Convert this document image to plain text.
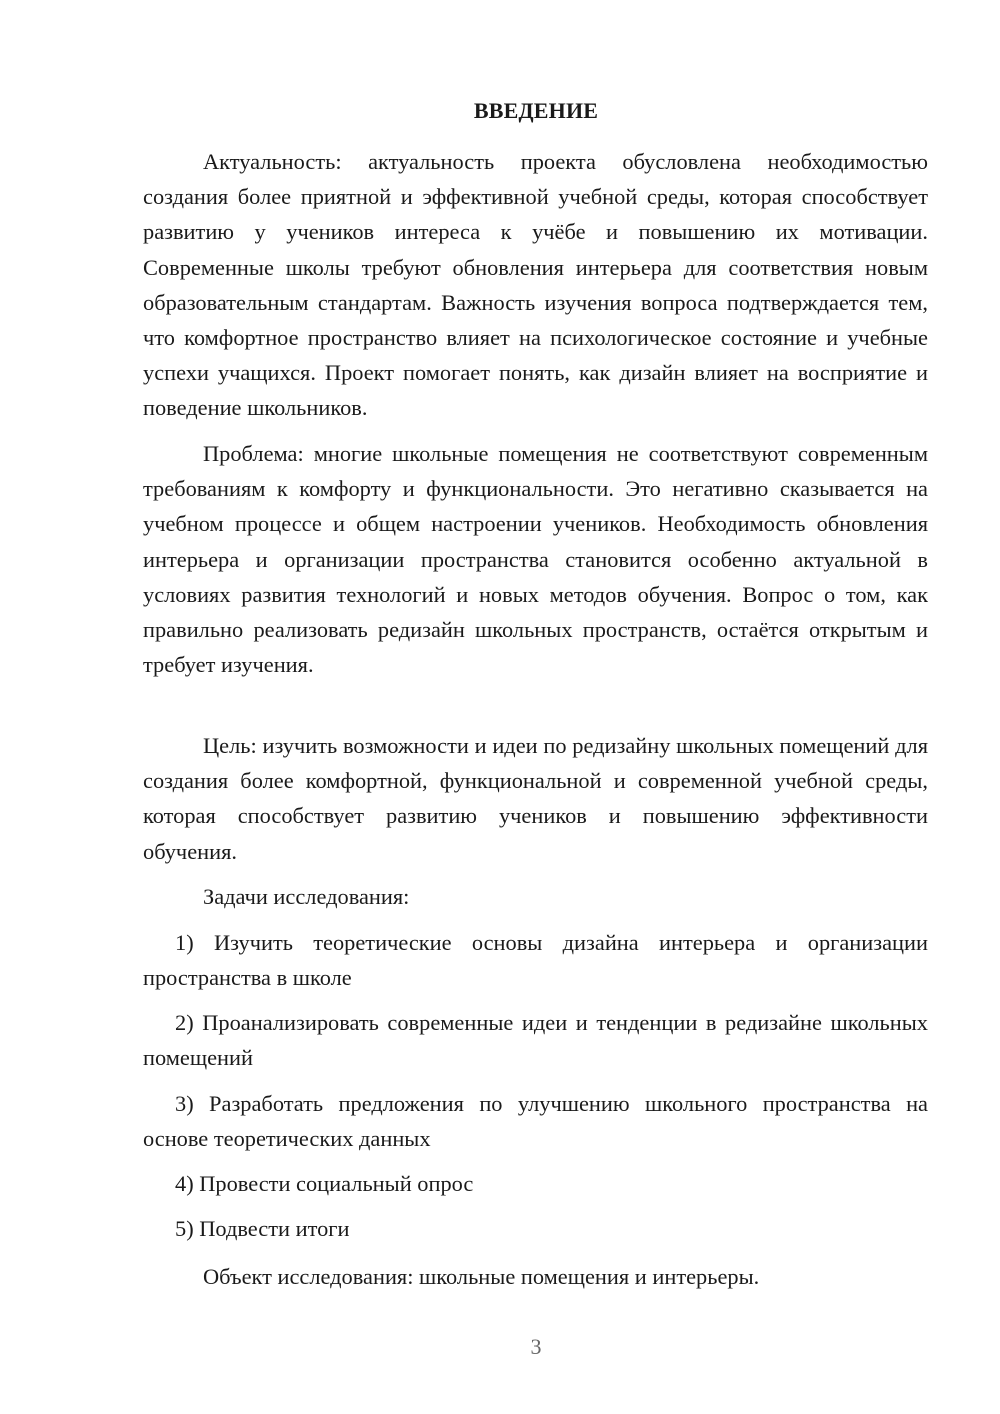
ВВЕДЕНИЕ

Актуальность: актуальность проекта обусловлена необходимостью создания более приятной и эффективной учебной среды, которая способствует развитию у учеников интереса к учёбе и повышению их мотивации. Современные школы требуют обновления интерьера для соответствия новым образовательным стандартам. Важность изучения вопроса подтверждается тем, что комфортное пространство влияет на психологическое состояние и учебные успехи учащихся. Проект помогает понять, как дизайн влияет на восприятие и поведение школьников.

Проблема: многие школьные помещения не соответствуют современным требованиям к комфорту и функциональности. Это негативно сказывается на учебном процессе и общем настроении учеников. Необходимость обновления интерьера и организации пространства становится особенно актуальной в условиях развития технологий и новых методов обучения. Вопрос о том, как правильно реализовать редизайн школьных пространств, остаётся открытым и требует изучения.

Цель: изучить возможности и идеи по редизайну школьных помещений для создания более комфортной, функциональной и современной учебной среды, которая способствует развитию учеников и повышению эффективности обучения.

Задачи исследования:

1) Изучить теоретические основы дизайна интерьера и организации пространства в школе

2) Проанализировать современные идеи и тенденции в редизайне школьных помещений

3) Разработать предложения по улучшению школьного пространства на основе теоретических данных

4) Провести социальный опрос

5) Подвести итоги

Объект исследования: школьные помещения и интерьеры.

3
